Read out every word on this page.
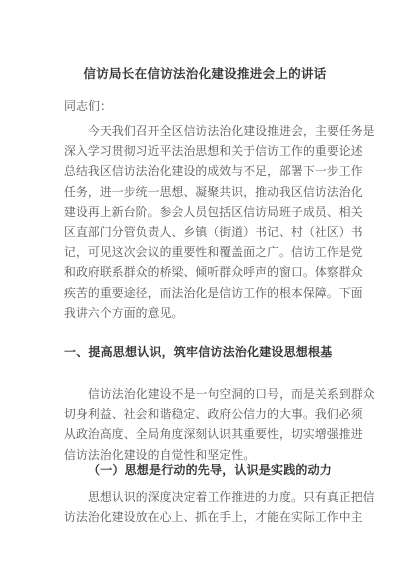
信访局长在信访法治化建设推进会上的讲话
同志们：
今天我们召开全区信访法治化建设推进会，主要任务是
深入学习贯彻习近平法治思想和关于信访工作的重要论述
总结我区信访法治化建设的成效与不足，部署下一步工作
任务，进一步统一思想、凝聚共识，推动我区信访法治化
建设再上新台阶。参会人员包括区信访局班子成员、相关
区直部门分管负责人、乡镇（街道）书记、村（社区）书
记，可见这次会议的重要性和覆盖面之广。信访工作是党
和政府联系群众的桥梁、倾听群众呼声的窗口。体察群众
疾苦的重要途径，而法治化是信访工作的根本保障。下面
我讲六个方面的意见。
一、提高思想认识，筑牢信访法治化建设思想根基
信访法治化建设不是一句空洞的口号，而是关系到群众
切身利益、社会和谐稳定、政府公信力的大事。我们必须
从政治高度、全局角度深刻认识其重要性，切实增强推进
信访法治化建设的自觉性和坚定性。
（一）思想是行动的先导，认识是实践的动力
思想认识的深度决定着工作推进的力度。只有真正把信
访法治化建设放在心上、抓在手上，才能在实际工作中主
